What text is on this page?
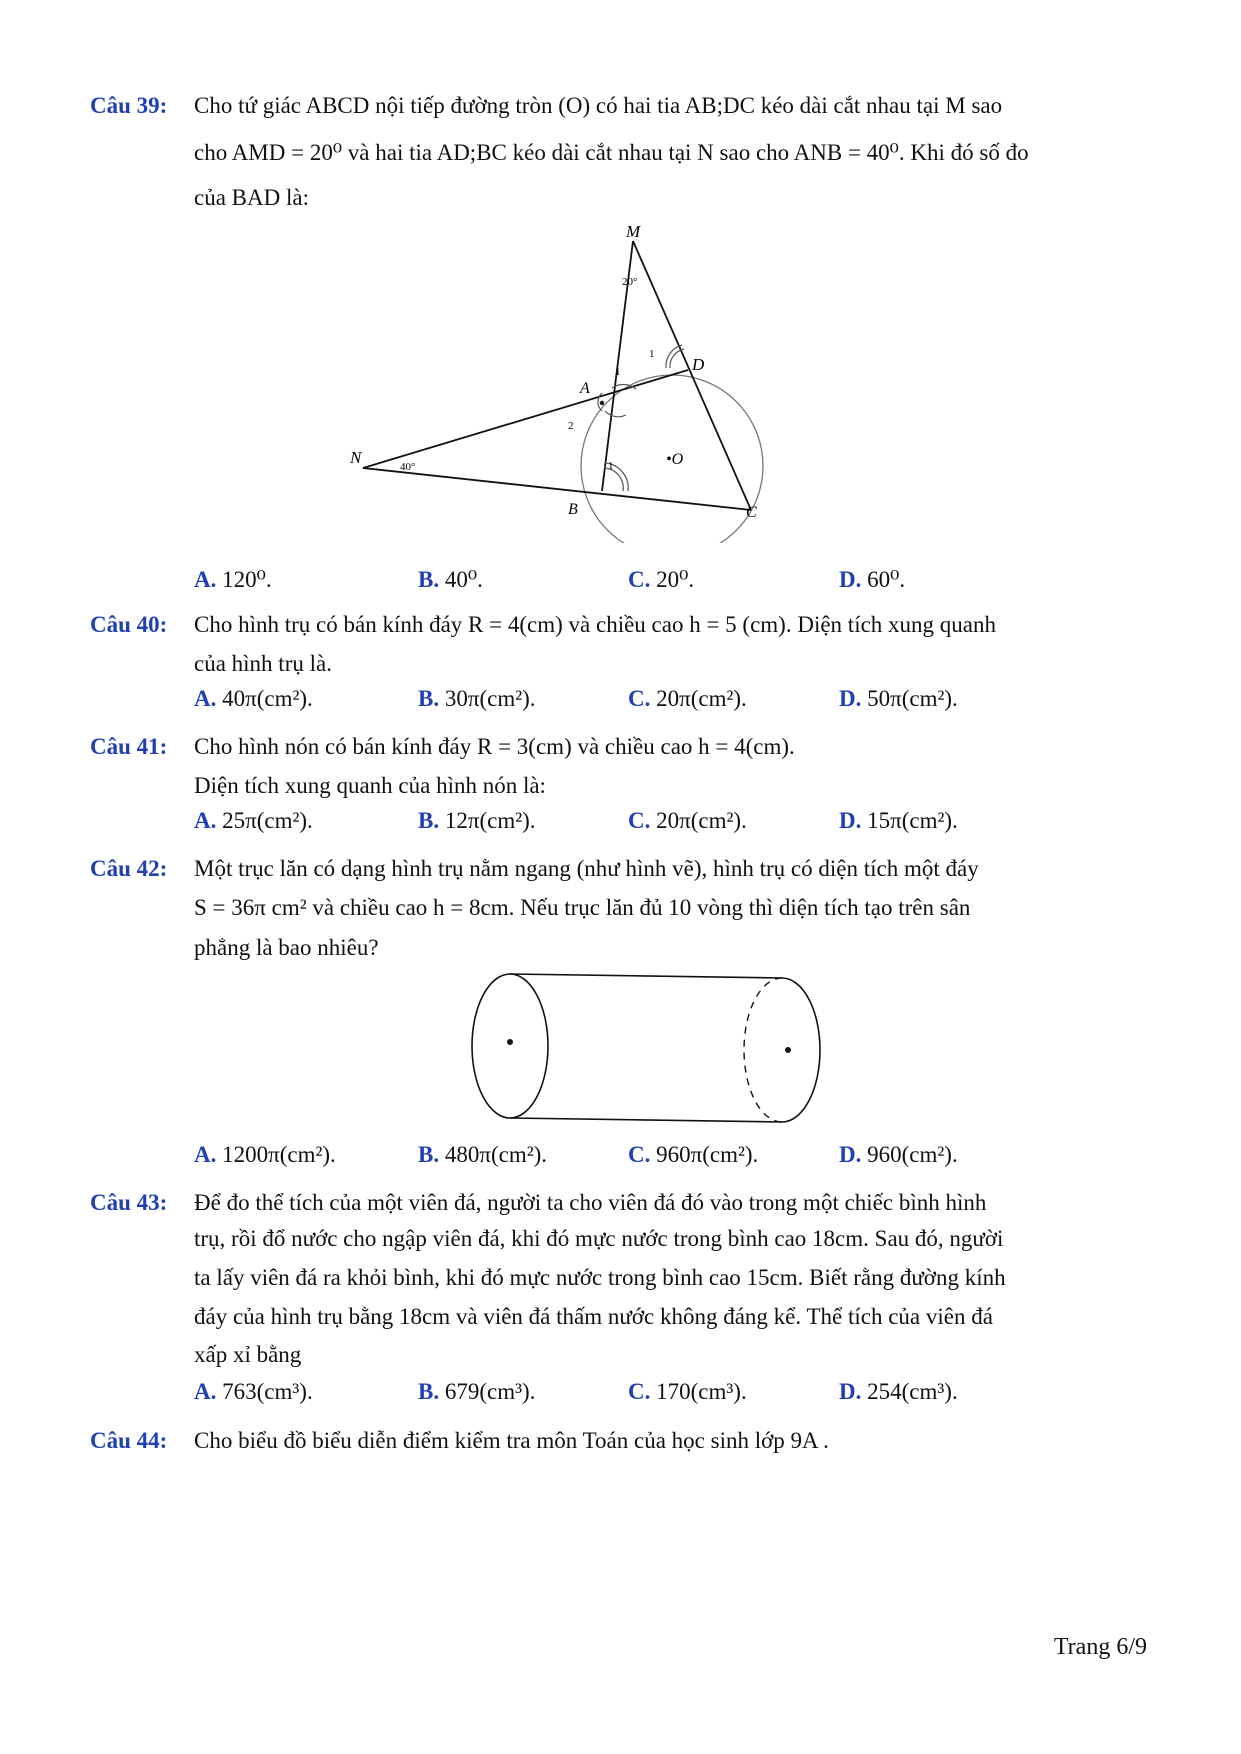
Câu 39: Cho tứ giác ABCD nội tiếp đường tròn (O) có hai tia AB;DC kéo dài cắt nhau tại M sao
cho AMD = 20⁰ và hai tia AD;BC kéo dài cắt nhau tại N sao cho ANB = 40⁰. Khi đó số đo
của BAD là:
M
20°
D
A
1
1
2
N	40°	•O
1
B	C
A. 120⁰.	B. 40⁰.	C. 20⁰.	D. 60⁰.
Câu 40: Cho hình trụ có bán kính đáy R = 4(cm) và chiều cao h = 5 (cm). Diện tích xung quanh
của hình trụ là.
A. 40π(cm²).	B. 30π(cm²).	C. 20π(cm²).	D. 50π(cm²).
Câu 41: Cho hình nón có bán kính đáy R = 3(cm) và chiều cao h = 4(cm).
Diện tích xung quanh của hình nón là:
A. 25π(cm²).	B. 12π(cm²).	C. 20π(cm²).	D. 15π(cm²).
Câu 42: Một trục lăn có dạng hình trụ nằm ngang (như hình vẽ), hình trụ có diện tích một đáy
S = 36π cm² và chiều cao h = 8cm. Nếu trục lăn đủ 10 vòng thì diện tích tạo trên sân
phẳng là bao nhiêu?
A. 1200π(cm²).	B. 480π(cm²).	C. 960π(cm²).	D. 960(cm²).
Câu 43: Để đo thể tích của một viên đá, người ta cho viên đá đó vào trong một chiếc bình hình
trụ, rồi đổ nước cho ngập viên đá, khi đó mực nước trong bình cao 18cm. Sau đó, người
ta lấy viên đá ra khỏi bình, khi đó mực nước trong bình cao 15cm. Biết rằng đường kính
đáy của hình trụ bằng 18cm và viên đá thấm nước không đáng kể. Thể tích của viên đá
xấp xỉ bằng
A. 763(cm³).	B. 679(cm³).	C. 170(cm³).	D. 254(cm³).
Câu 44: Cho biểu đồ biểu diễn điểm kiểm tra môn Toán của học sinh lớp 9A .
Trang 6/9
